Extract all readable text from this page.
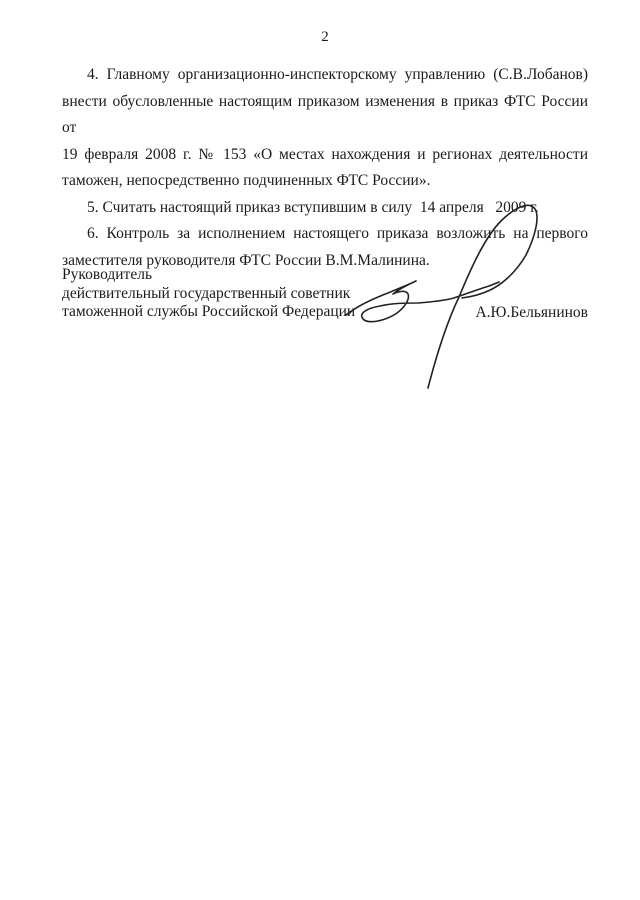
2
4. Главному организационно-инспекторскому управлению (С.В.Лобанов)
внести обусловленные настоящим приказом изменения в приказ ФТС России от
19 февраля 2008 г. № 153 «О местах нахождения и регионах деятельности
таможен, непосредственно подчиненных ФТС России».
5. Считать настоящий приказ вступившим в силу  14 апреля   2009 г.
6. Контроль за исполнением настоящего приказа возложить на первого
заместителя руководителя ФТС России В.М.Малинина.
Руководитель
действительный государственный советник
таможенной службы Российской Федерации	А.Ю.Бельянинов
